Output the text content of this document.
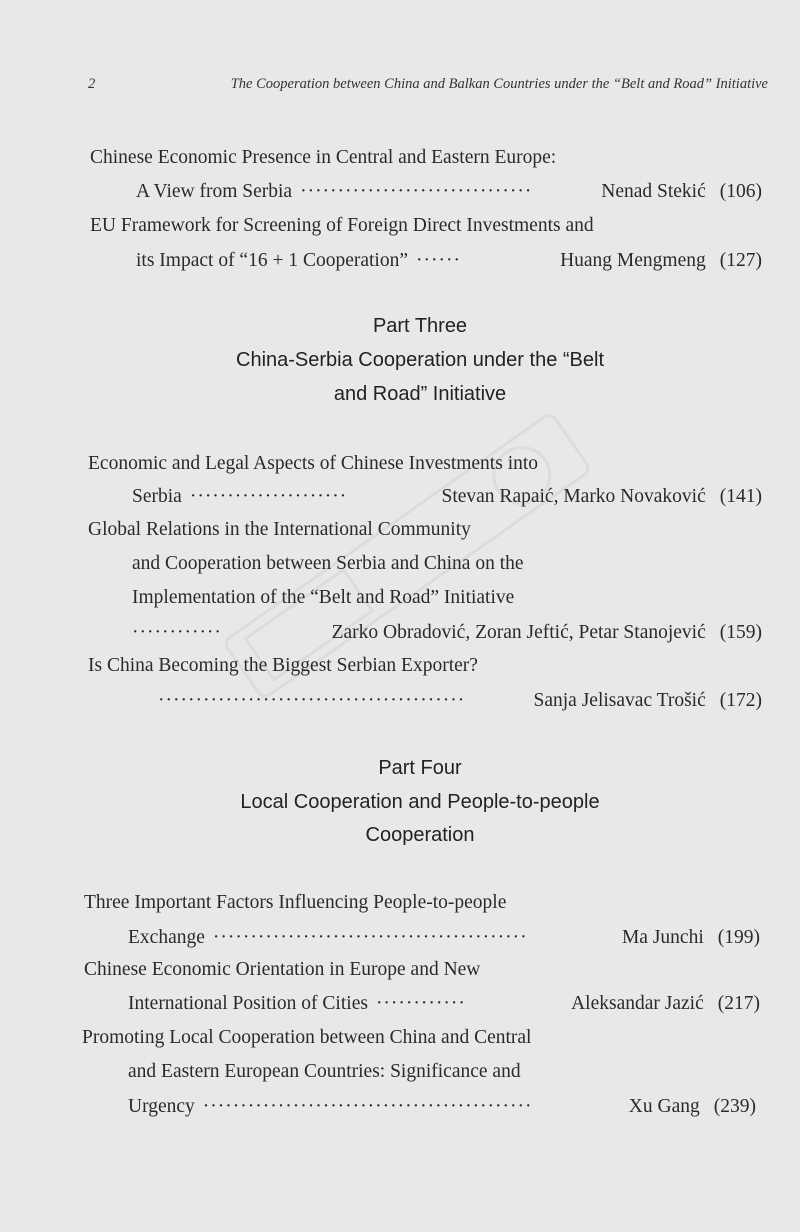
2	The Cooperation between China and Balkan Countries under the “Belt and Road” Initiative
Chinese Economic Presence in Central and Eastern Europe:
A View from Serbia ·······························	Nenad Stekić (106)
EU Framework for Screening of Foreign Direct Investments and
its Impact of “16 + 1 Cooperation” ······	Huang Mengmeng (127)
Part Three
China-Serbia Cooperation under the “Belt
and Road” Initiative
Economic and Legal Aspects of Chinese Investments into
Serbia ·····················	Stevan Rapaić, Marko Novaković (141)
Global Relations in the International Community
and Cooperation between Serbia and China on the
Implementation of the “Belt and Road” Initiative
············	Zarko Obradović, Zoran Jeftić, Petar Stanojević (159)
Is China Becoming the Biggest Serbian Exporter?
·········································	Sanja Jelisavac Trošić (172)
Part Four
Local Cooperation and People-to-people
Cooperation
Three Important Factors Influencing People-to-people
Exchange ··········································	Ma Junchi (199)
Chinese Economic Orientation in Europe and New
International Position of Cities ············	Aleksandar Jazić (217)
Promoting Local Cooperation between China and Central
and Eastern European Countries: Significance and
Urgency ············································	Xu Gang (239)
